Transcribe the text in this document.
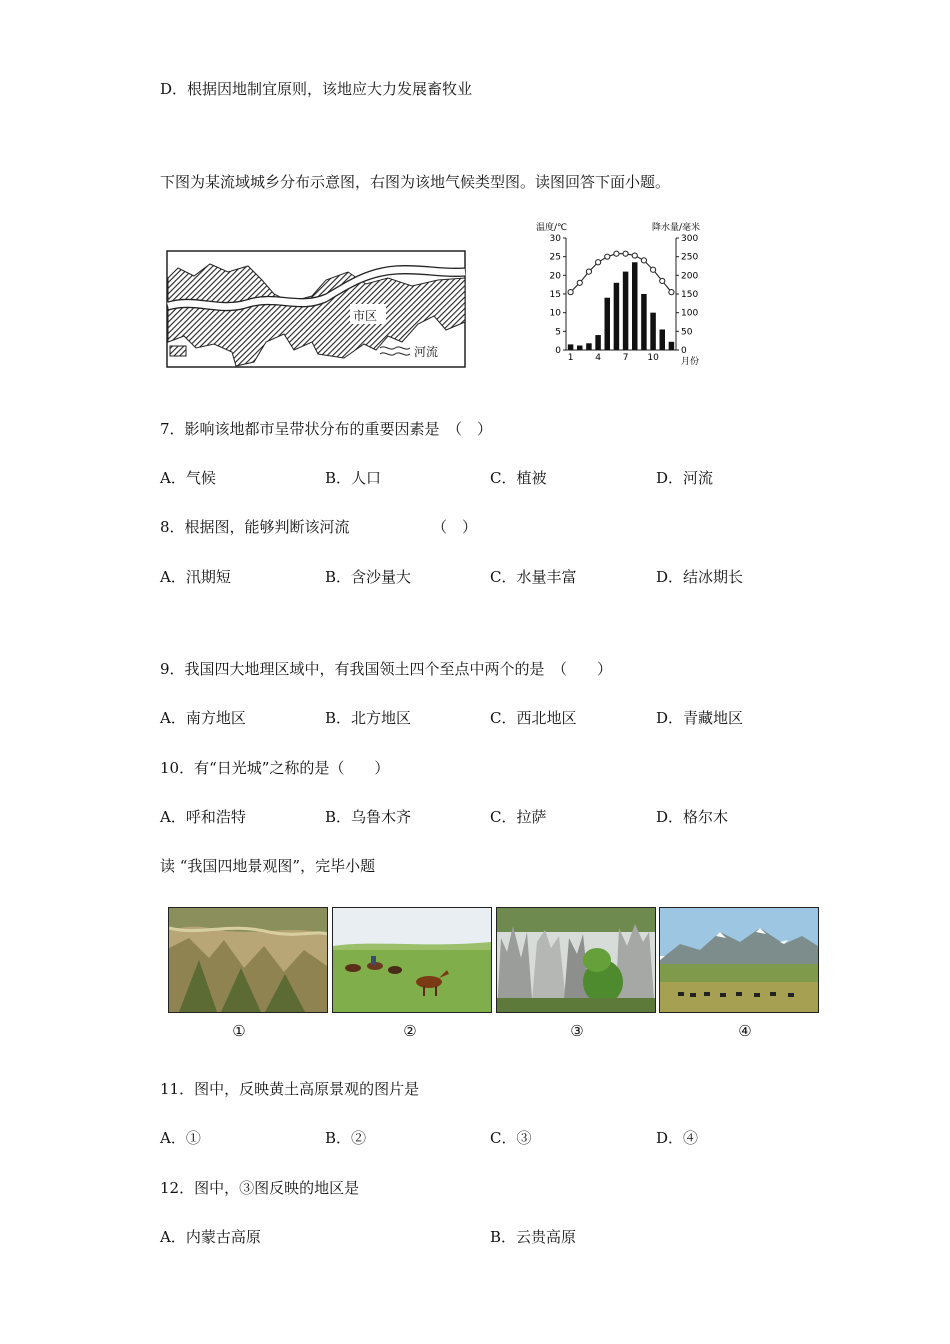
D．根据因地制宜原则，该地应大力发展畜牧业
下图为某流域城乡分布示意图，右图为该地气候类型图。读图回答下面小题。
市区
河流
温度/℃	降水量/毫米
0
5
10
15
20
25
30
0
50
100
150
200
250
300
1 4 7 10 月份
7．影响该地都市呈带状分布的重要因素是　（　）
A．气候	B．人口	C．植被	D．河流
8．根据图，能够判断该河流　　　　　　（　）
A．汛期短	B．含沙量大	C．水量丰富	D．结冰期长
9．我国四大地理区域中，有我国领土四个至点中两个的是　（　　）
A．南方地区	B．北方地区	C．西北地区	D．青藏地区
10．有“日光城”之称的是（　　）
A．呼和浩特	B．乌鲁木齐	C．拉萨	D．格尔木
读 “我国四地景观图”，完毕小题
①	②	③	④
11．图中，反映黄土高原景观的图片是
A．①	B．②	C．③	D．④
12．图中，③图反映的地区是
A．内蒙古高原	B．云贵高原
